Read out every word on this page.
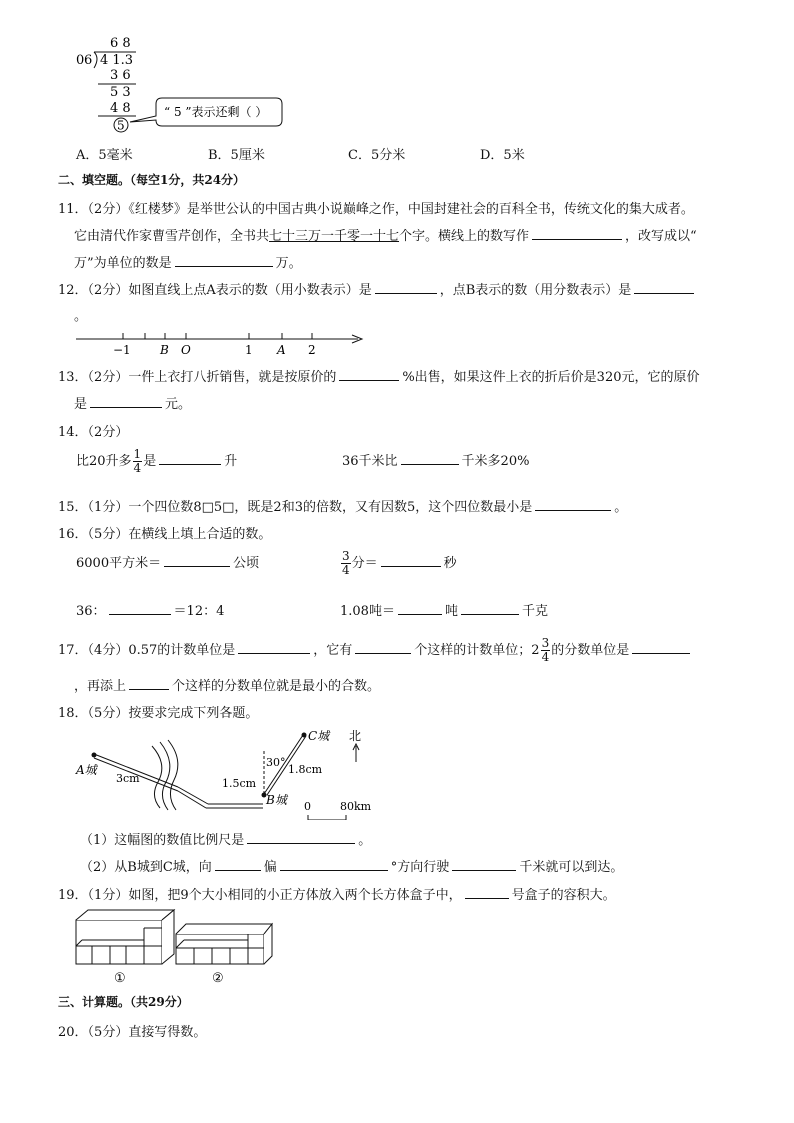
0 6
6 8
4 1.3
3 6
5 3
4 8
5
“ 5 ”表示还剩（ ）
A．5毫米	B．5厘米	C．5分米	D．5米
二、填空题。（每空1分，共24分）
11．（2分）《红楼梦》是举世公认的中国古典小说巅峰之作，中国封建社会的百科全书，传统文化的集大成者。
它由清代作家曹雪芹创作，全书共七十三万一千零一十七个字。横线上的数写作	，改写成以“
万”为单位的数是	万。
12．（2分）如图直线上点A表示的数（用小数表示）是	，点B表示的数（用分数表示）是
。
−1 B O	1 A 2
13．（2分）一件上衣打八折销售，就是按原价的	%出售，如果这件上衣的折后价是320元，它的原价
是	元。
14．（2分）
比20升多 $\frac{1}{4}$ 是	升	36千米比	千米多20%
15．（1分）一个四位数8□5□，既是2和3的倍数，又有因数5，这个四位数最小是	。
16．（5分）在横线上填上合适的数。
6000平方米＝	公顷	$\frac{3}{4}$ 分＝	秒
36：	＝12：4	1.08吨＝	吨	千克
17．（4分）0.57的计数单位是	，它有	个这样的计数单位；$2 \frac{3}{4}$ 的分数单位是
，再添上	个这样的分数单位就是最小的合数。
18．（5分）按要求完成下列各题。
A城
3cm	1.5cm
B城
C城
1.8cm
30°
北
0	80km
（1）这幅图的数值比例尺是	。
（2）从B城到C城，向	偏	°方向行驶	千米就可以到达。
19．（1分）如图，把9个大小相同的小正方体放入两个长方体盒子中，	号盒子的容积大。
①	②
三、计算题。（共29分）
20．（5分）直接写得数。
